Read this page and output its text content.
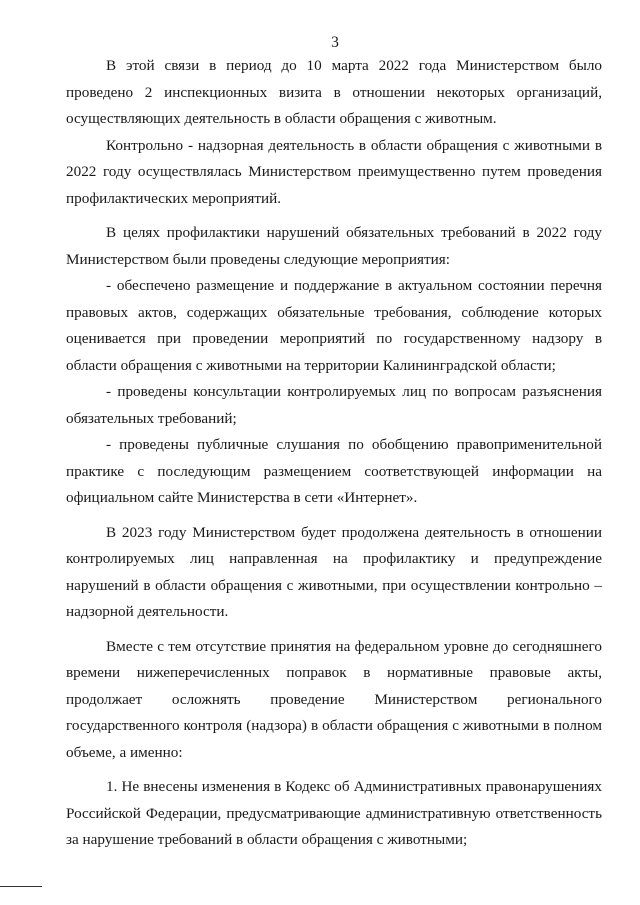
3

В этой связи в период до 10 марта 2022 года Министерством было проведено 2 инспекционных визита в отношении некоторых организаций, осуществляющих деятельность в области обращения с животным.

Контрольно - надзорная деятельность в области обращения с животными в 2022 году осуществлялась Министерством преимущественно путем проведения профилактических мероприятий.

В целях профилактики нарушений обязательных требований в 2022 году Министерством были проведены следующие мероприятия:

- обеспечено размещение и поддержание в актуальном состоянии перечня правовых актов, содержащих обязательные требования, соблюдение которых оценивается при проведении мероприятий по государственному надзору в области обращения с животными на территории Калининградской области;

- проведены консультации контролируемых лиц по вопросам разъяснения обязательных требований;

- проведены публичные слушания по обобщению правоприменительной практике с последующим размещением соответствующей информации на официальном сайте Министерства в сети «Интернет».

В 2023 году Министерством будет продолжена деятельность в отношении контролируемых лиц направленная на профилактику и предупреждение нарушений в области обращения с животными, при осуществлении контрольно – надзорной деятельности.

Вместе с тем отсутствие принятия на федеральном уровне до сегодняшнего времени нижеперечисленных поправок в нормативные правовые акты, продолжает осложнять проведение Министерством регионального государственного контроля (надзора) в области обращения с животными в полном объеме, а именно:

1. Не внесены изменения в Кодекс об Административных правонарушениях Российской Федерации, предусматривающие административную ответственность за нарушение требований в области обращения с животными;
